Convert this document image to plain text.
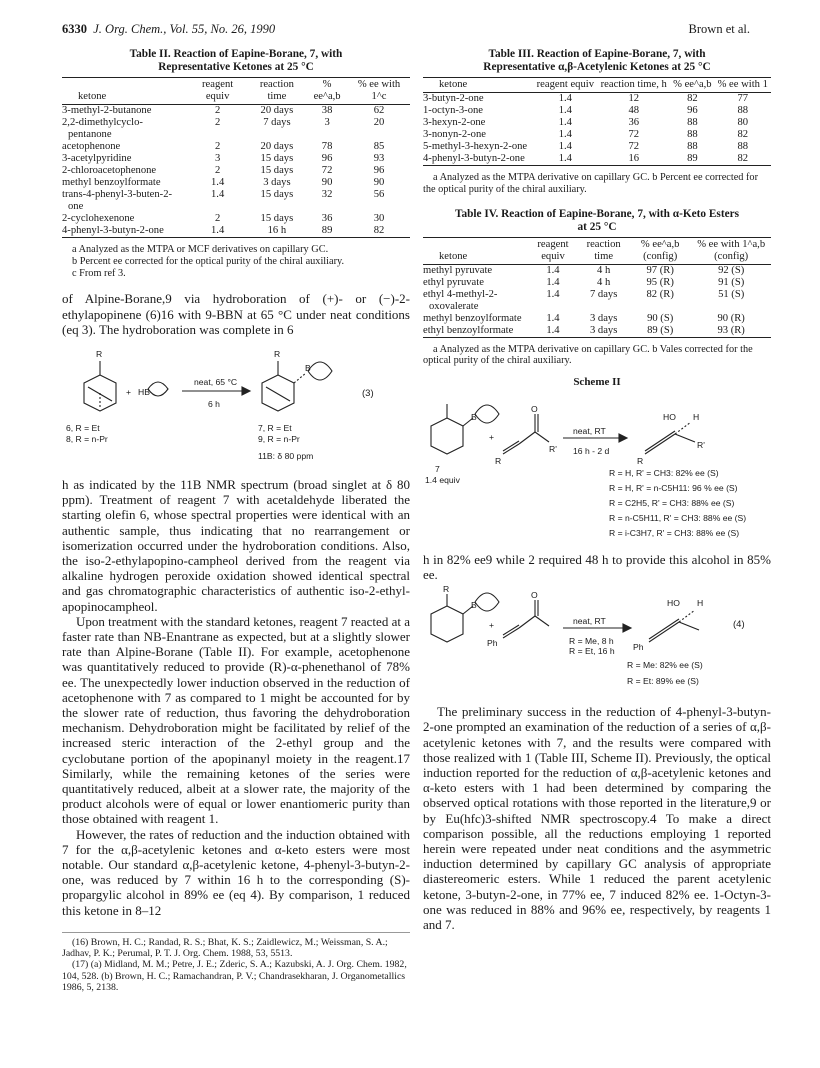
6330 J. Org. Chem., Vol. 55, No. 26, 1990	Brown et al.
Table II. Reaction of Eapine-Borane, 7, with
Representative Ketones at 25 °C
ketone	reagent equiv	reaction time	% ee^a,b	% ee with 1^c
3-methyl-2-butanone	2	20 days	38	62
2,2-dimethylcyclo-pentanone	2	7 days	3	20
acetophenone	2	20 days	78	85
3-acetylpyridine	3	15 days	96	93
2-chloroacetophenone	2	15 days	72	96
methyl benzoylformate	1.4	3 days	90	90
trans-4-phenyl-3-buten-2-one	1.4	15 days	32	56
2-cyclohexenone	2	15 days	36	30
4-phenyl-3-butyn-2-one	1.4	16 h	89	82

a Analyzed as the MTPA or MCF derivatives on capillary GC.

b Percent ee corrected for the optical purity of the chiral auxiliary.

c From ref 3.

of Alpine-Borane,9 via hydroboration of (+)- or (−)-2-ethylapopinene (6)16 with 9-BBN at 65 °C under neat conditions (eq 3). The hydroboration was complete in 6

R	R
+ HB
B
neat, 65 °C
6 h
(3)
6, R = Et
8, R = n-Pr
7, R = Et
9, R = n-Pr
11B: δ 80 ppm

h as indicated by the 11B NMR spectrum (broad singlet at δ 80 ppm). Treatment of reagent 7 with acetaldehyde liberated the starting olefin 6, whose spectral properties were identical with an authentic sample, thus indicating that no rearrangement or isomerization occurred under the hydroboration conditions. Also, the iso-2-ethylapopino-campheol derived from the reagent via alkaline hydrogen peroxide oxidation showed identical spectral and gas chromatographic characteristics of authentic iso-2-ethyl-apopinocampheol.

Upon treatment with the standard ketones, reagent 7 reacted at a faster rate than NB-Enantrane as expected, but at a slightly slower rate than Alpine-Borane (Table II). For example, acetophenone was quantitatively reduced to provide (R)-α-phenethanol of 78% ee. The unexpectedly lower induction observed in the reduction of acetophenone with 7 as compared to 1 might be accounted for by the slower rate of reduction, thus favoring the dehydroboration mechanism. Dehydroboration might be facilitated by relief of the increased steric interaction of the 2-ethyl group and the cyclobutane portion of the apopinanyl moiety in the reagent.17 Similarly, while the remaining ketones of the series were quantitatively reduced, albeit at a slower rate, the majority of the product alcohols were of equal or lower enantiomeric purity than those obtained with reagent 1.

However, the rates of reduction and the induction obtained with 7 for the α,β-acetylenic ketones and α-keto esters were most notable. Our standard α,β-acetylenic ketone, 4-phenyl-3-butyn-2-one, was reduced by 7 within 16 h to the corresponding (S)-propargylic alcohol in 89% ee (eq 4). By comparison, 1 reduced this ketone in 8–12

(16) Brown, H. C.; Randad, R. S.; Bhat, K. S.; Zaidlewicz, M.; Weissman, S. A.; Jadhav, P. K.; Perumal, P. T. J. Org. Chem. 1988, 53, 5513.

(17) (a) Midland, M. M.; Petre, J. E.; Zderic, S. A.; Kazubski, A. J. Org. Chem. 1982, 104, 528. (b) Brown, H. C.; Ramachandran, P. V.; Chandrasekharan, J. Organometallics 1986, 5, 2138.

Table III. Reaction of Eapine-Borane, 7, with
Representative α,β-Acetylenic Ketones at 25 °C
ketone	reagent equiv	reaction time, h	% ee^a,b	% ee with 1
3-butyn-2-one	1.4	12	82	77
1-octyn-3-one	1.4	48	96	88
3-hexyn-2-one	1.4	36	88	80
3-nonyn-2-one	1.4	72	88	82
5-methyl-3-hexyn-2-one	1.4	72	88	88
4-phenyl-3-butyn-2-one	1.4	16	89	82

a Analyzed as the MTPA derivative on capillary GC. b Percent ee corrected for the optical purity of the chiral auxiliary.

Table IV. Reaction of Eapine-Borane, 7, with α-Keto Esters
at 25 °C
ketone	reagent equiv	reaction time	% ee^a,b (config)	% ee with 1^a,b (config)
methyl pyruvate	1.4	4 h	97 (R)	92 (S)
ethyl pyruvate	1.4	4 h	95 (R)	91 (S)
ethyl 4-methyl-2-oxovalerate	1.4	7 days	82 (R)	51 (S)
methyl benzoylformate	1.4	3 days	90 (S)	90 (R)
ethyl benzoylformate	1.4	3 days	89 (S)	93 (R)

a Analyzed as the MTPA derivative on capillary GC. b Vales corrected for the optical purity of the chiral auxiliary.

Scheme II
B
+
O
R'
R
neat, RT
16 h - 2 d
HO H
R'
R
7
1.4 equiv
R = H, R' = CH3: 82% ee (S)
R = H, R' = n-C5H11: 96 % ee (S)
R = C2H5, R' = CH3: 88% ee (S)
R = n-C5H11, R' = CH3: 88% ee (S)
R = i-C3H7, R' = CH3: 88% ee (S)

h in 82% ee9 while 2 required 48 h to provide this alcohol in 85% ee.

R
B
+
O
Ph
neat, RT
R = Me, 8 h
R = Et, 16 h
HO H
Ph
(4)
R = Me: 82% ee (S)
R = Et: 89% ee (S)

The preliminary success in the reduction of 4-phenyl-3-butyn-2-one prompted an examination of the reduction of a series of α,β-acetylenic ketones with 7, and the results were compared with those realized with 1 (Table III, Scheme II). Previously, the optical induction reported for the reduction of α,β-acetylenic ketones and α-keto esters with 1 had been determined by comparing the observed optical rotations with those reported in the literature,9 or by Eu(hfc)3-shifted NMR spectroscopy.4 To make a direct comparison possible, all the reductions employing 1 reported herein were repeated under neat conditions and the asymmetric induction determined by capillary GC analysis of appropriate diastereomeric esters. While 1 reduced the parent acetylenic ketone, 3-butyn-2-one, in 77% ee, 7 induced 82% ee. 1-Octyn-3-one was reduced in 88% and 96% ee, respectively, by reagents 1 and 7.
